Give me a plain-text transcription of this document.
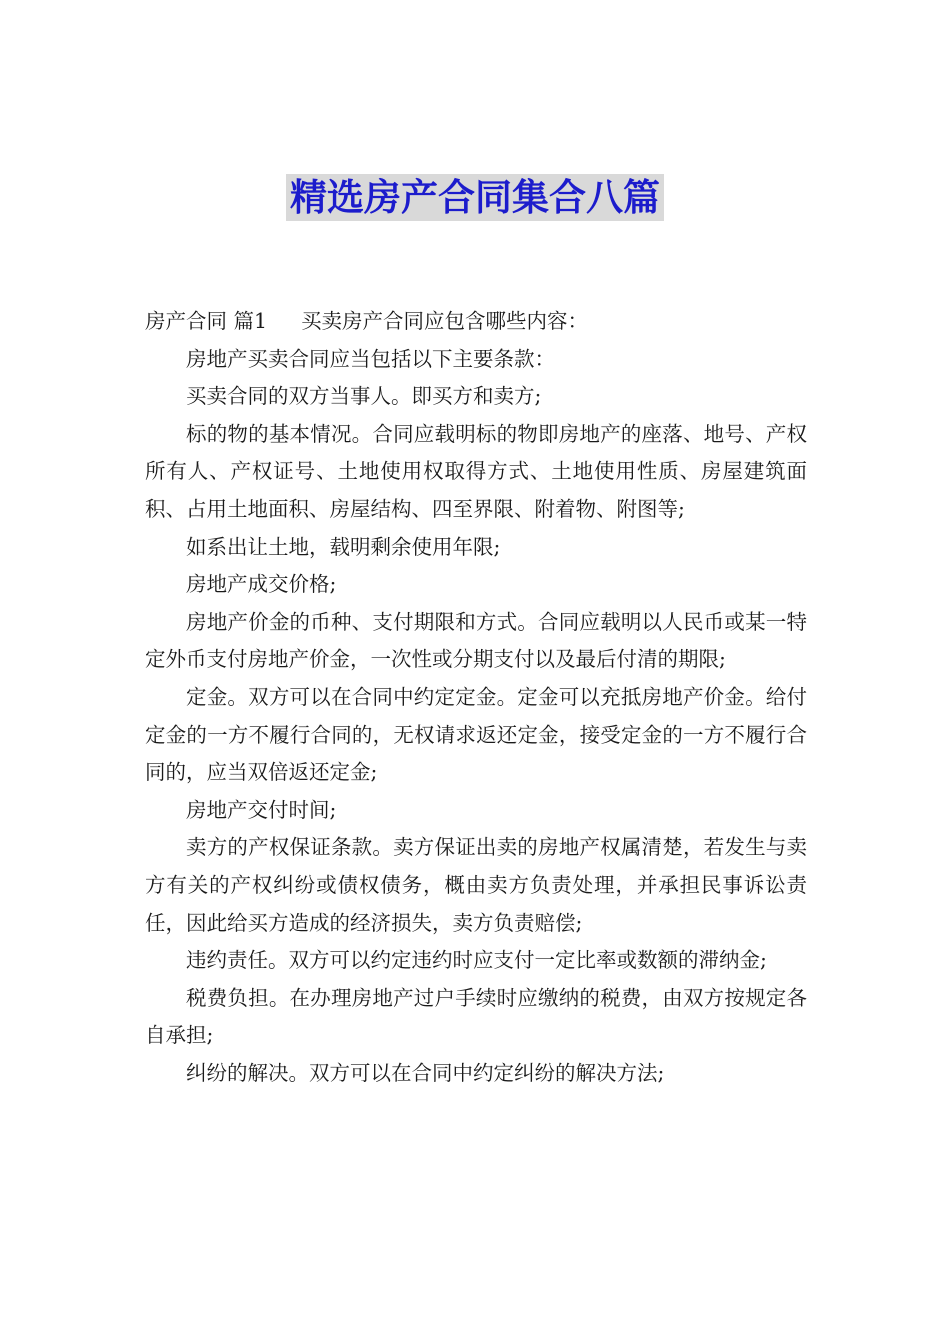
精选房产合同集合八篇

房产合同 篇1 买卖房产合同应包含哪些内容：

房地产买卖合同应当包括以下主要条款：

买卖合同的双方当事人。即买方和卖方;

标的物的基本情况。合同应载明标的物即房地产的座落、地号、产权所有人、产权证号、土地使用权取得方式、土地使用性质、房屋建筑面积、占用土地面积、房屋结构、四至界限、附着物、附图等;

如系出让土地，载明剩余使用年限;

房地产成交价格;

房地产价金的币种、支付期限和方式。合同应载明以人民币或某一特定外币支付房地产价金，一次性或分期支付以及最后付清的期限;

定金。双方可以在合同中约定定金。定金可以充抵房地产价金。给付定金的一方不履行合同的，无权请求返还定金，接受定金的一方不履行合同的，应当双倍返还定金;

房地产交付时间;

卖方的产权保证条款。卖方保证出卖的房地产权属清楚，若发生与卖方有关的产权纠纷或债权债务，概由卖方负责处理，并承担民事诉讼责任，因此给买方造成的经济损失，卖方负责赔偿;

违约责任。双方可以约定违约时应支付一定比率或数额的滞纳金;

税费负担。在办理房地产过户手续时应缴纳的税费，由双方按规定各自承担;

纠纷的解决。双方可以在合同中约定纠纷的解决方法;
